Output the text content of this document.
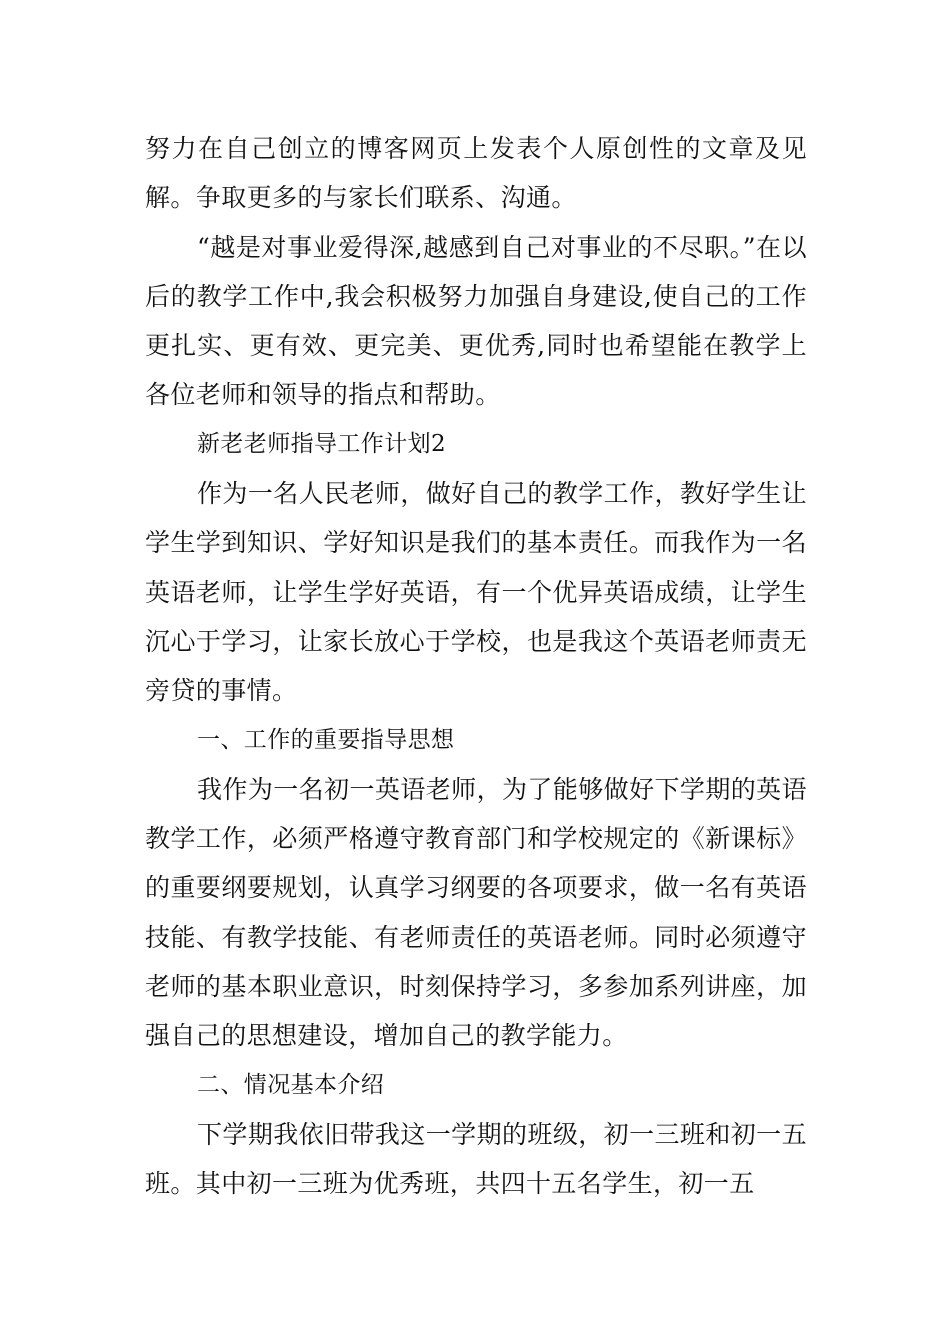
努力在自己创立的博客网页上发表个人原创性的文章及见解。争取更多的与家长们联系、沟通。

“越是对事业爱得深,越感到自己对事业的不尽职。”在以后的教学工作中,我会积极努力加强自身建设,使自己的工作更扎实、更有效、更完美、更优秀,同时也希望能在教学上各位老师和领导的指点和帮助。

新老老师指导工作计划2

作为一名人民老师，做好自己的教学工作，教好学生让学生学到知识、学好知识是我们的基本责任。而我作为一名英语老师，让学生学好英语，有一个优异英语成绩，让学生沉心于学习，让家长放心于学校，也是我这个英语老师责无旁贷的事情。

一、工作的重要指导思想

我作为一名初一英语老师，为了能够做好下学期的英语教学工作，必须严格遵守教育部门和学校规定的《新课标》的重要纲要规划，认真学习纲要的各项要求，做一名有英语技能、有教学技能、有老师责任的英语老师。同时必须遵守老师的基本职业意识，时刻保持学习，多参加系列讲座，加强自己的思想建设，增加自己的教学能力。

二、情况基本介绍

下学期我依旧带我这一学期的班级，初一三班和初一五班。其中初一三班为优秀班，共四十五名学生，初一五
